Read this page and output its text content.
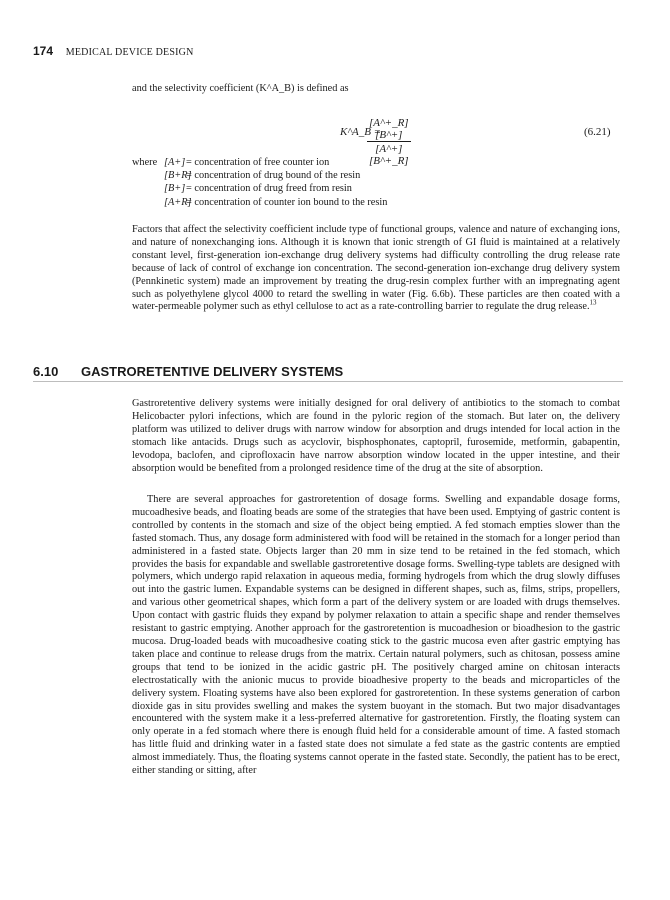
174 MEDICAL DEVICE DESIGN
and the selectivity coefficient (K^A_B) is defined as
K^A_B =
$\frac{[A\^{}+\_R][B\^{}+]}{[A\^{}+][B\^{}+\_R]}$	(6.21)
where [A+]= concentration of free counter ion
[B+R]= concentration of drug bound of the resin
[B+]= concentration of drug freed from resin
[A+R]= concentration of counter ion bound to the resin

Factors that affect the selectivity coefficient include type of functional groups, valence and nature of exchanging ions, and nature of nonexchanging ions. Although it is known that ionic strength of GI fluid is maintained at a relatively constant level, first-generation ion-exchange drug delivery systems had difficulty controlling the drug release rate because of lack of control of exchange ion concentration. The second-generation ion-exchange drug delivery system (Pennkinetic system) made an improvement by treating the drug-resin complex further with an impregnating agent such as polyethylene glycol 4000 to retard the swelling in water (Fig. 6.6b). These particles are then coated with a water-permeable polymer such as ethyl cellulose to act as a rate-controlling barrier to regulate the drug release.$^{13}$

6.10 GASTRORETENTIVE DELIVERY SYSTEMS

Gastroretentive delivery systems were initially designed for oral delivery of antibiotics to the stomach to combat Helicobacter pylori infections, which are found in the pyloric region of the stomach. But later on, the delivery platform was utilized to deliver drugs with narrow window for absorption and drugs intended for local action in the stomach like antacids. Drugs such as acyclovir, bisphosphonates, captopril, furosemide, metformin, gabapentin, levodopa, baclofen, and ciprofloxacin have narrow absorption window located in the upper intestine, and their absorption would be benefited from a prolonged residence time of the drug at the site of absorption.

There are several approaches for gastroretention of dosage forms. Swelling and expandable dosage forms, mucoadhesive beads, and floating beads are some of the strategies that have been used. Emptying of gastric content is controlled by contents in the stomach and size of the object being emptied. A fed stomach empties slower than the fasted stomach. Thus, any dosage form administered with food will be retained in the stomach for a longer period than administered in a fasted state. Objects larger than 20 mm in size tend to be retained in the fed stomach, which provides the basis for expandable and swellable gastroretentive dosage forms. Swelling-type tablets are designed with polymers, which undergo rapid relaxation in aqueous media, forming hydrogels from which the drug slowly diffuses out into the gastric lumen. Expandable systems can be designed in different shapes, such as, films, strips, propellers, and various other geometrical shapes, which form a part of the delivery system or are loaded with drugs themselves. Upon contact with gastric fluids they expand by polymer relaxation to attain a specific shape and render themselves resistant to gastric emptying. Another approach for the gastroretention is mucoadhesion or bioadhesion to the gastric mucosa. Drug-loaded beads with mucoadhesive coating stick to the gastric mucosa even after gastric emptying has taken place and continue to release drugs from the matrix. Certain natural polymers, such as chitosan, possess amine groups that tend to be ionized in the acidic gastric pH. The positively charged amine on chitosan interacts electrostatically with the anionic mucus to provide bioadhesive property to the beads and microparticles of the delivery system. Floating systems have also been explored for gastroretention. In these systems generation of carbon dioxide gas in situ provides swelling and makes the system buoyant in the stomach. But two major disadvantages encountered with the system make it a less-preferred alternative for gastroretention. Firstly, the floating system can only operate in a fed stomach where there is enough fluid held for a considerable amount of time. A fasted stomach has little fluid and drinking water in a fasted state does not simulate a fed state as the gastric contents are emptied almost immediately. Thus, the floating systems cannot operate in the fasted state. Secondly, the patient has to be erect, either standing or sitting, after
